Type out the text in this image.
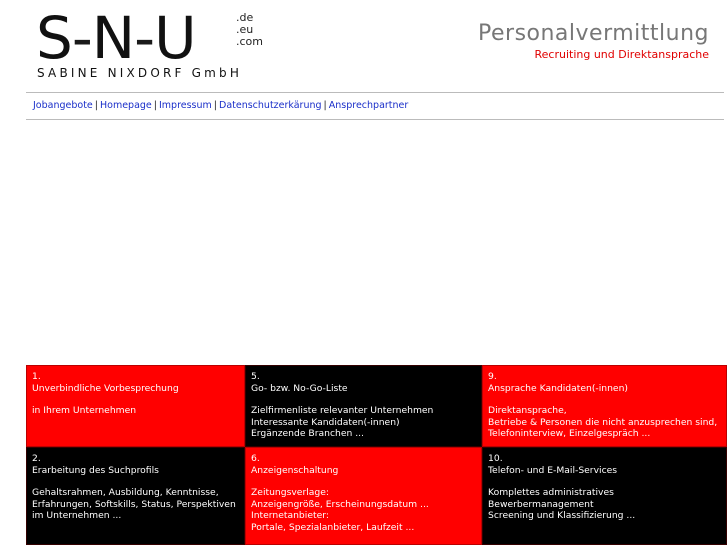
S-N-U	.de
.eu
.com
SABINE NIXDORF GmbH
Personalvermittlung
Recruiting und Direktansprache
Jobangebote | Homepage | Impressum | Datenschutzerkärung | Ansprechpartner
1.
Unverbindliche Vorbesprechung
in Ihrem Unternehmen
5.
Go- bzw. No-Go-Liste
Zielfirmenliste relevanter Unternehmen
Interessante Kandidaten(-innen)
Ergänzende Branchen ...
9.
Ansprache Kandidaten(-innen)
Direktansprache,
Betriebe & Personen die nicht anzusprechen sind,
Telefoninterview, Einzelgespräch ...
2.
Erarbeitung des Suchprofils
Gehaltsrahmen, Ausbildung, Kenntnisse,
Erfahrungen, Softskills, Status, Perspektiven
im Unternehmen ...
6.
Anzeigenschaltung
Zeitungsverlage:
Anzeigengröße, Erscheinungsdatum ...
Internetanbieter:
Portale, Spezialanbieter, Laufzeit ...
10.
Telefon- und E-Mail-Services
Komplettes administratives Bewerbermanagement
Screening und Klassifizierung ...
